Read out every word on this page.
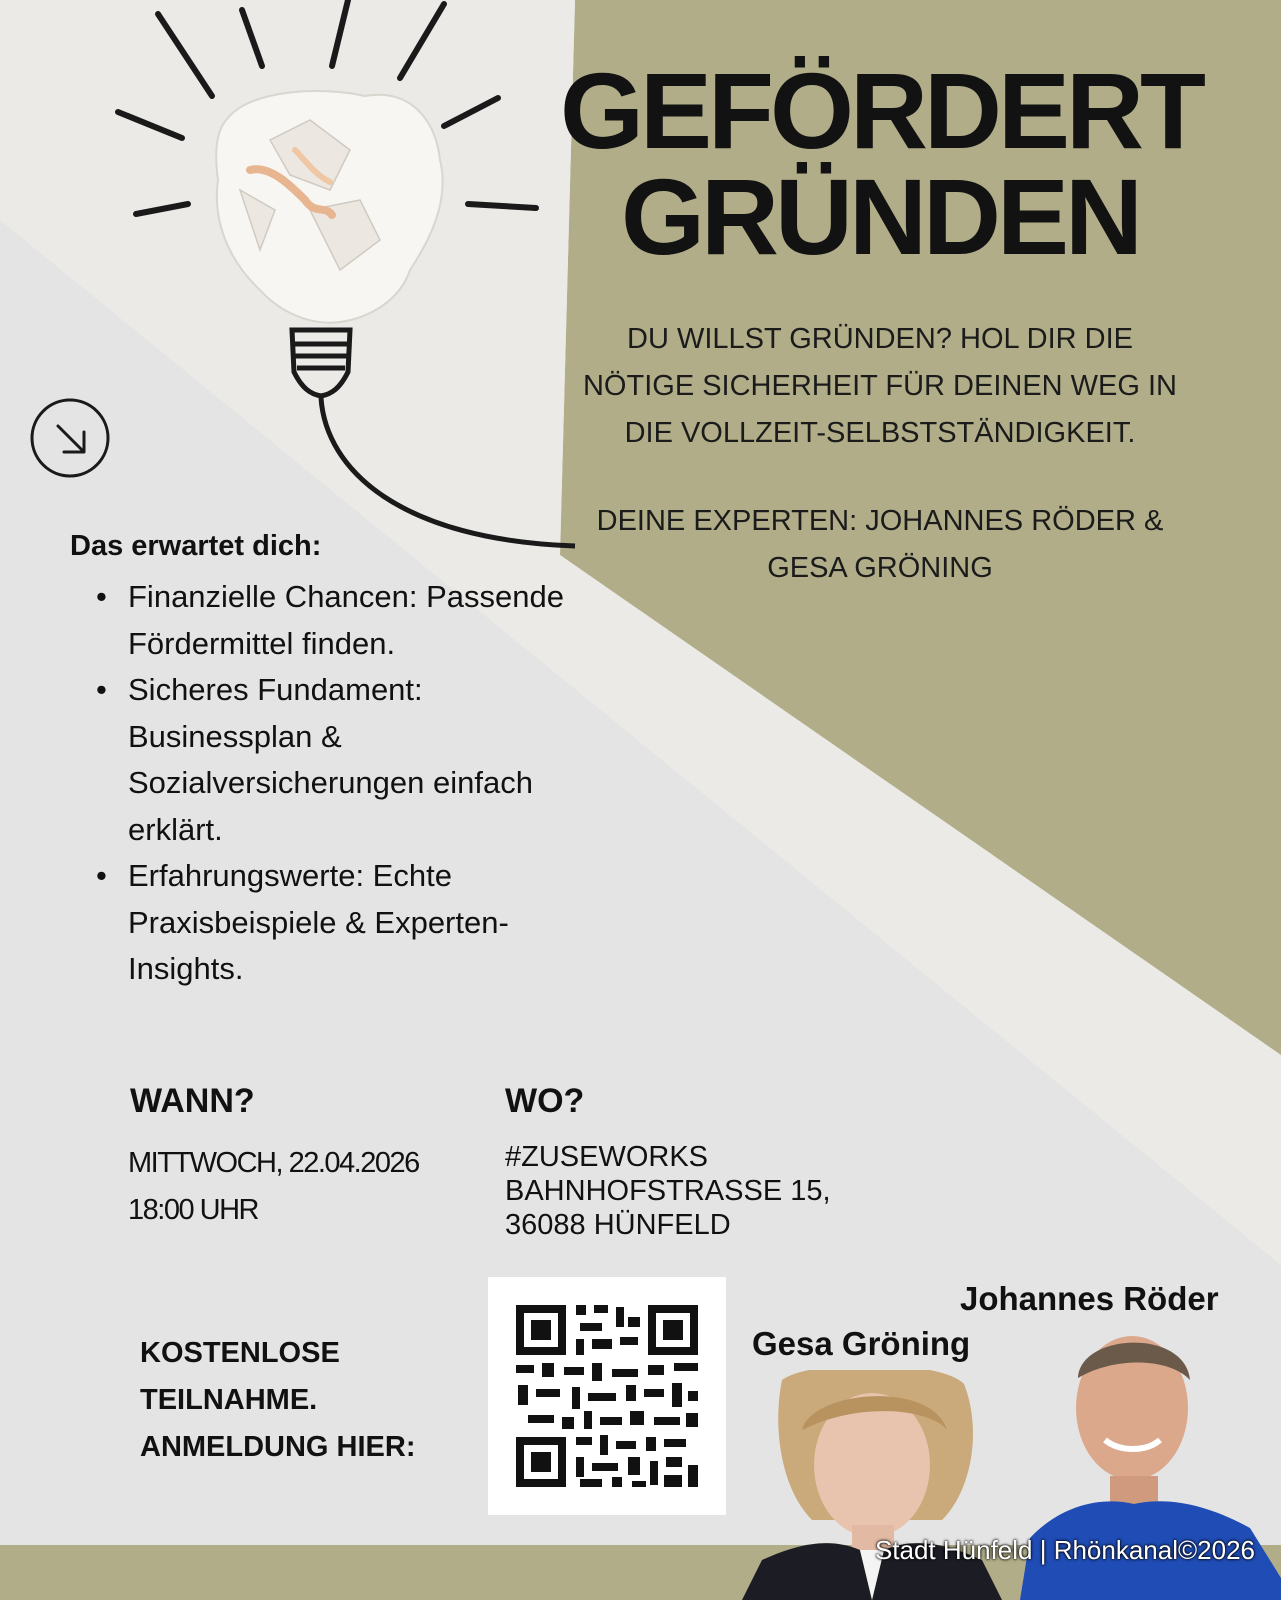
GEFÖRDERT
GRÜNDEN
DU WILLST GRÜNDEN? HOL DIR DIE
NÖTIGE SICHERHEIT FÜR DEINEN WEG IN
DIE VOLLZEIT-SELBSTSTÄNDIGKEIT.
DEINE EXPERTEN: JOHANNES RÖDER &
GESA GRÖNING
Das erwartet dich:
• Finanzielle Chancen: Passende Fördermittel finden.
• Sicheres Fundament: Businessplan & Sozialversicherungen einfach erklärt.
• Erfahrungswerte: Echte Praxisbeispiele & Experten-Insights.
WANN?
MITTWOCH, 22.04.2026
18:00 UHR
WO?
#ZUSEWORKS
BAHNHOFSTRASSE 15,
36088 HÜNFELD
KOSTENLOSE
TEILNAHME.
ANMELDUNG HIER:
Johannes Röder
Gesa Gröning
Stadt Hünfeld | Rhönkanal©2026
